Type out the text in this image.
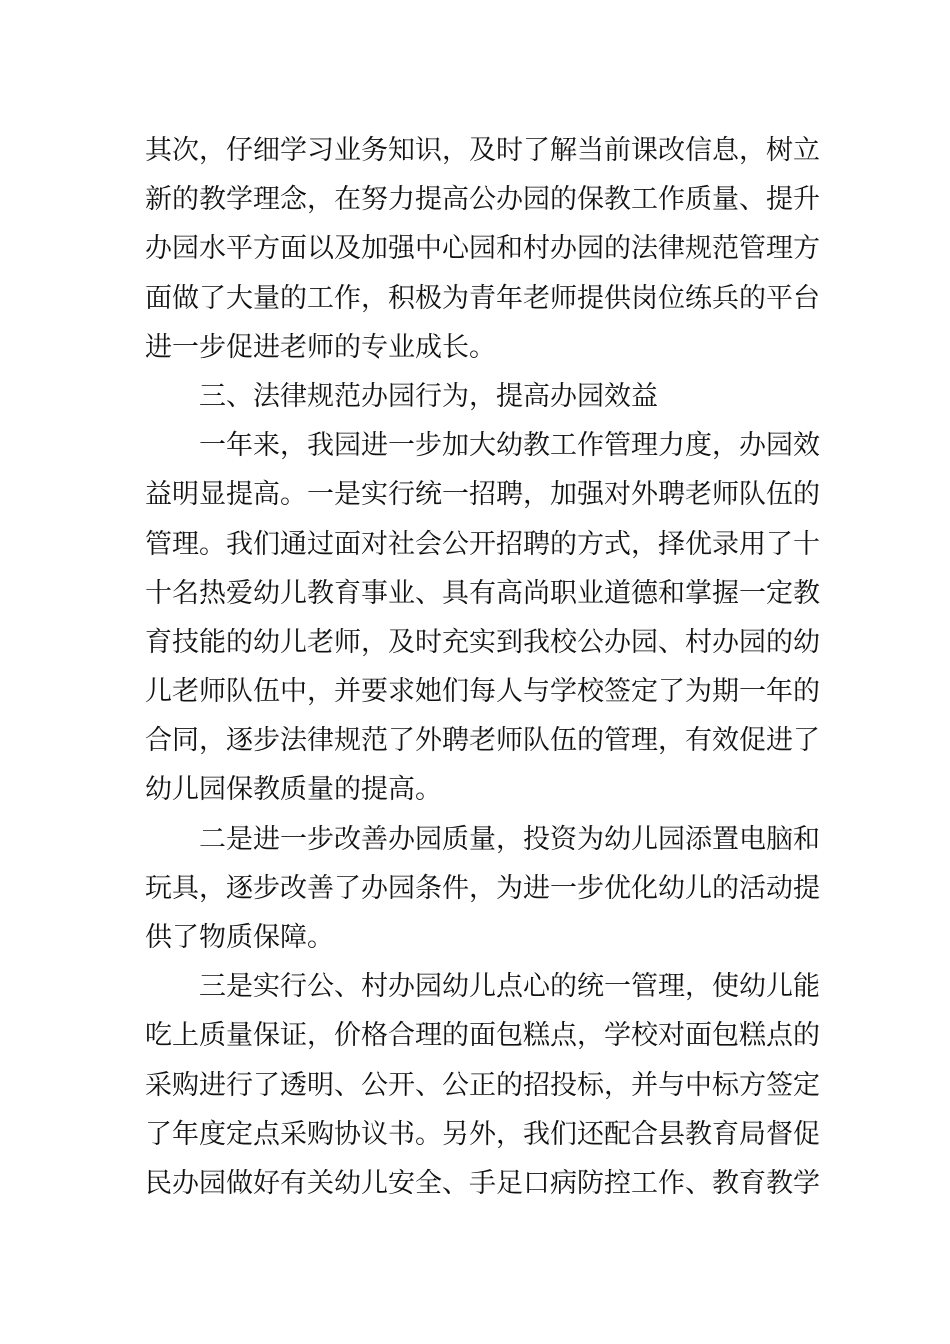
其次，仔细学习业务知识，及时了解当前课改信息，树立
新的教学理念，在努力提高公办园的保教工作质量、提升
办园水平方面以及加强中心园和村办园的法律规范管理方
面做了大量的工作，积极为青年老师提供岗位练兵的平台
进一步促进老师的专业成长。
三、法律规范办园行为，提高办园效益
一年来，我园进一步加大幼教工作管理力度，办园效
益明显提高。一是实行统一招聘，加强对外聘老师队伍的
管理。我们通过面对社会公开招聘的方式，择优录用了十
十名热爱幼儿教育事业、具有高尚职业道德和掌握一定教
育技能的幼儿老师，及时充实到我校公办园、村办园的幼
儿老师队伍中，并要求她们每人与学校签定了为期一年的
合同，逐步法律规范了外聘老师队伍的管理，有效促进了
幼儿园保教质量的提高。
二是进一步改善办园质量，投资为幼儿园添置电脑和
玩具，逐步改善了办园条件，为进一步优化幼儿的活动提
供了物质保障。
三是实行公、村办园幼儿点心的统一管理，使幼儿能
吃上质量保证，价格合理的面包糕点，学校对面包糕点的
采购进行了透明、公开、公正的招投标，并与中标方签定
了年度定点采购协议书。另外，我们还配合县教育局督促
民办园做好有关幼儿安全、手足口病防控工作、教育教学
